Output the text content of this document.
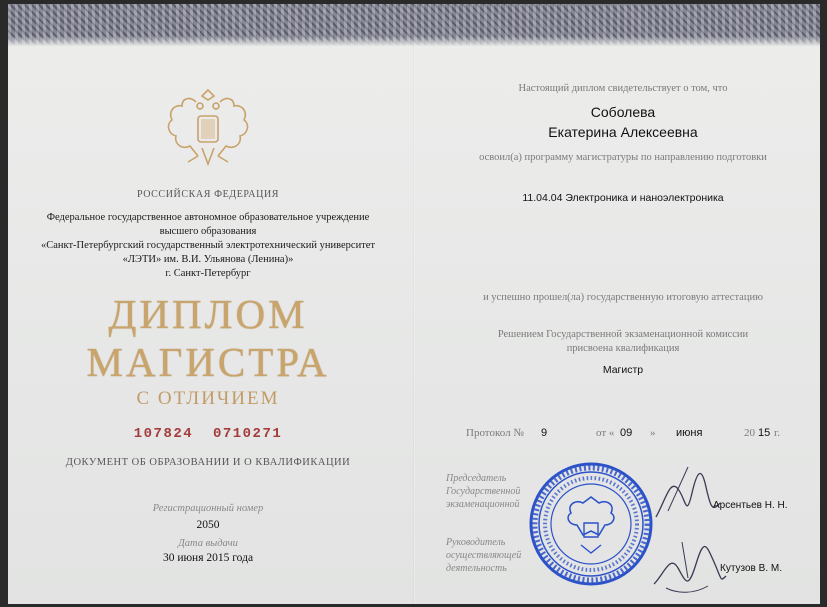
РОССИЙСКАЯ ФЕДЕРАЦИЯ
Федеральное государственное автономное образовательное учреждение
высшего образования
«Санкт-Петербургский государственный электротехнический университет
«ЛЭТИ» им. В.И. Ульянова (Ленина)»
г. Санкт-Петербург
ДИПЛОМ
МАГИСТРА
С ОТЛИЧИЕМ
107824  0710271
ДОКУМЕНТ ОБ ОБРАЗОВАНИИ И О КВАЛИФИКАЦИИ
Регистрационный номер
2050
Дата выдачи
30 июня 2015 года
Настоящий диплом свидетельствует о том, что
Соболева
Екатерина Алексеевна
освоил(а) программу магистратуры по направлению подготовки
11.04.04 Электроника и наноэлектроника
и успешно прошел(ла) государственную итоговую аттестацию
Решением Государственной экзаменационной комиссии
присвоена квалификация
Магистр
Протокол № 9	от « 09 » июня	20 15 г.
Председатель
Государственной
экзаменационной
Руководитель
осуществляющей
деятельность
Арсентьев Н. Н.
Кутузов В. М.
